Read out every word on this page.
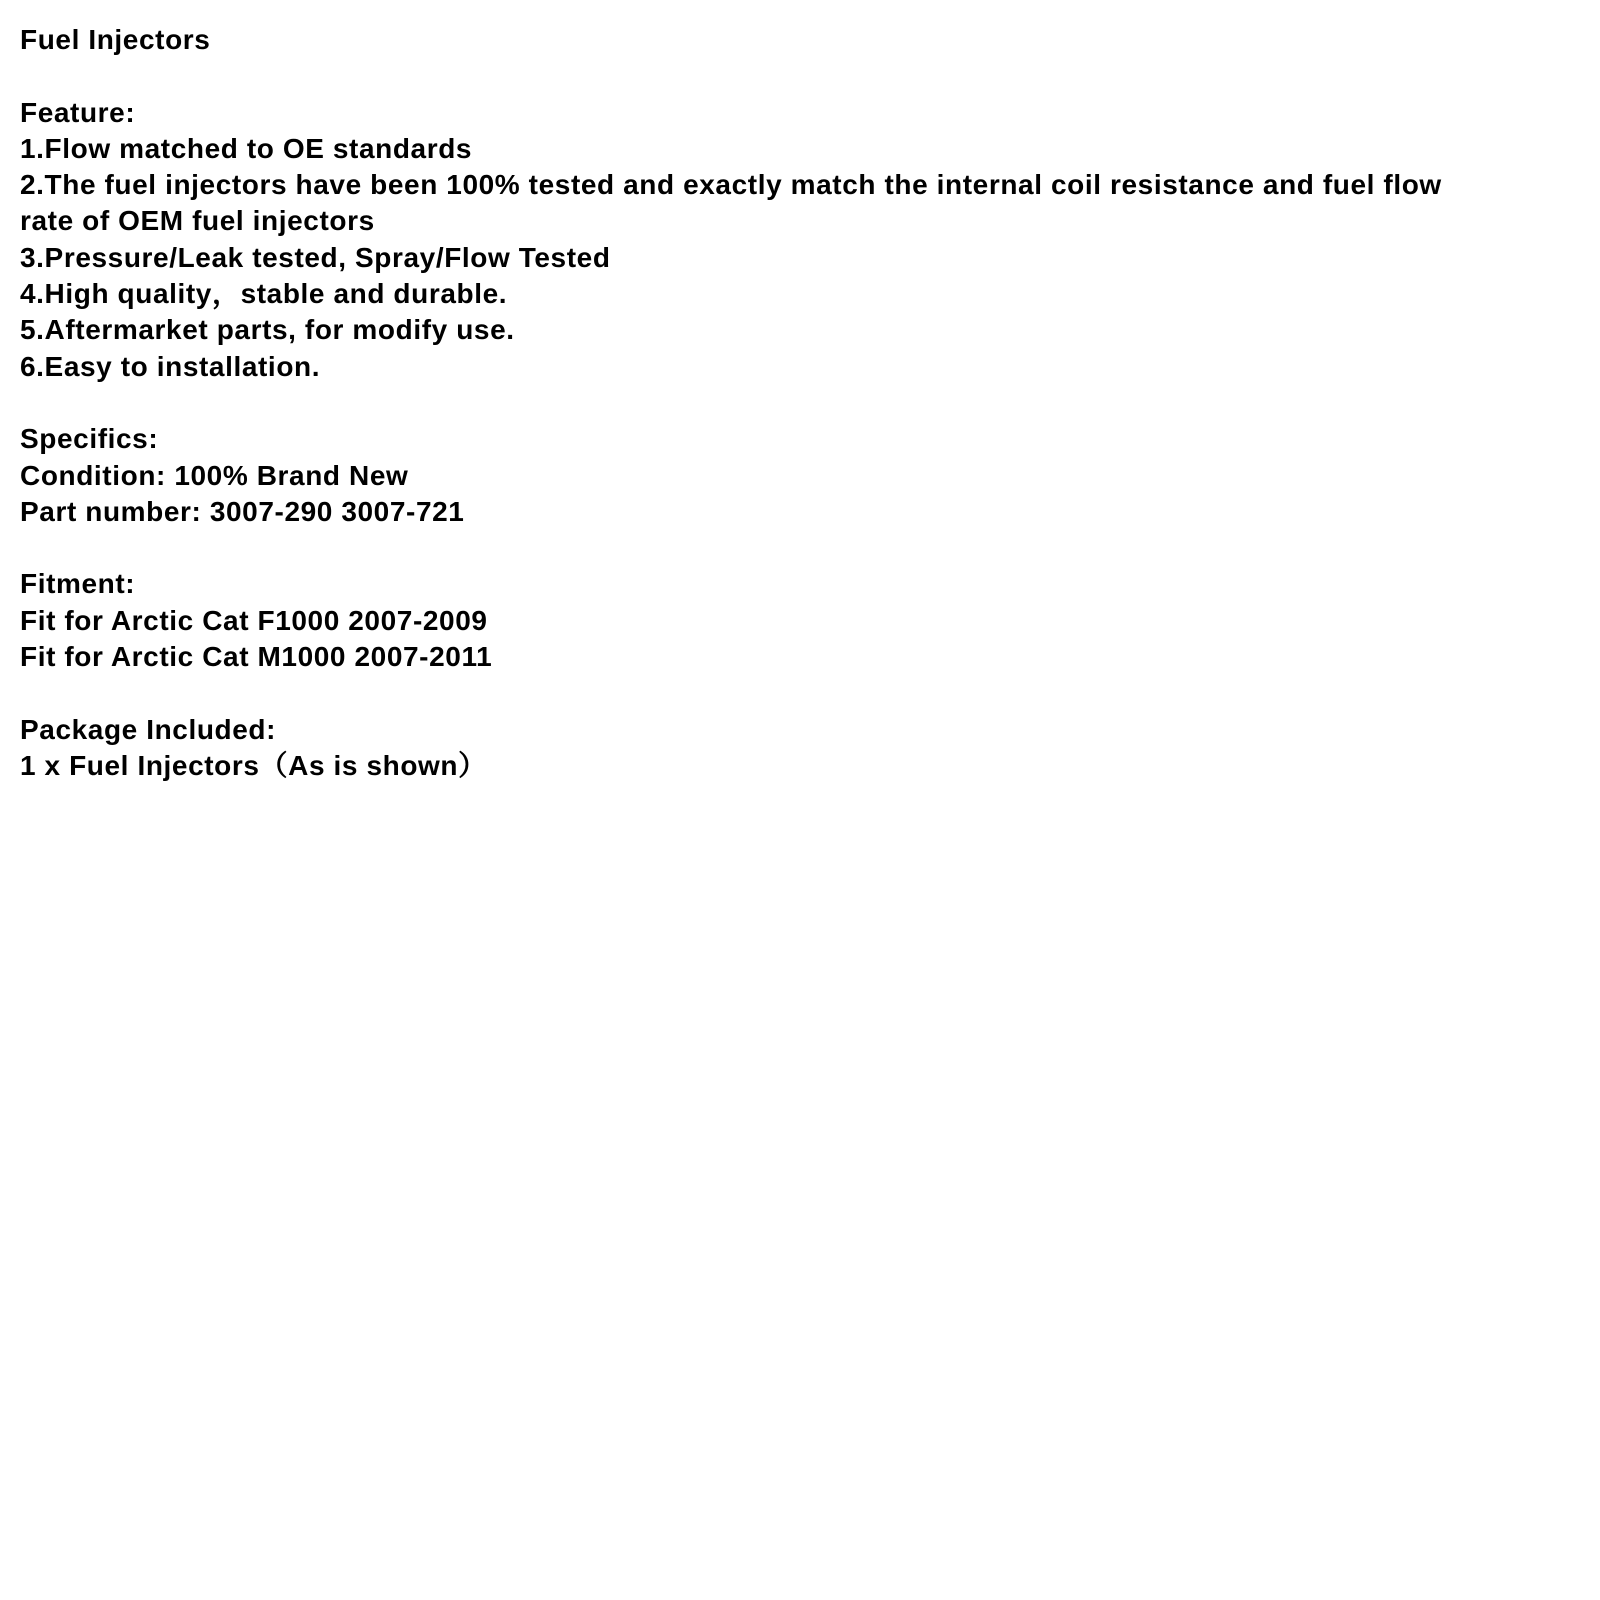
Fuel Injectors
Feature:
1.Flow matched to OE standards
2.The fuel injectors have been 100% tested and exactly match the internal coil resistance and fuel flow
rate of OEM fuel injectors
3.Pressure/Leak tested, Spray/Flow Tested
4.High quality，stable and durable.
5.Aftermarket parts, for modify use.
6.Easy to installation.
Specifics:
Condition: 100% Brand New
Part number: 3007-290 3007-721
Fitment:
Fit for Arctic Cat F1000 2007-2009
Fit for Arctic Cat M1000 2007-2011
Package Included:
1 x Fuel Injectors（As is shown）
